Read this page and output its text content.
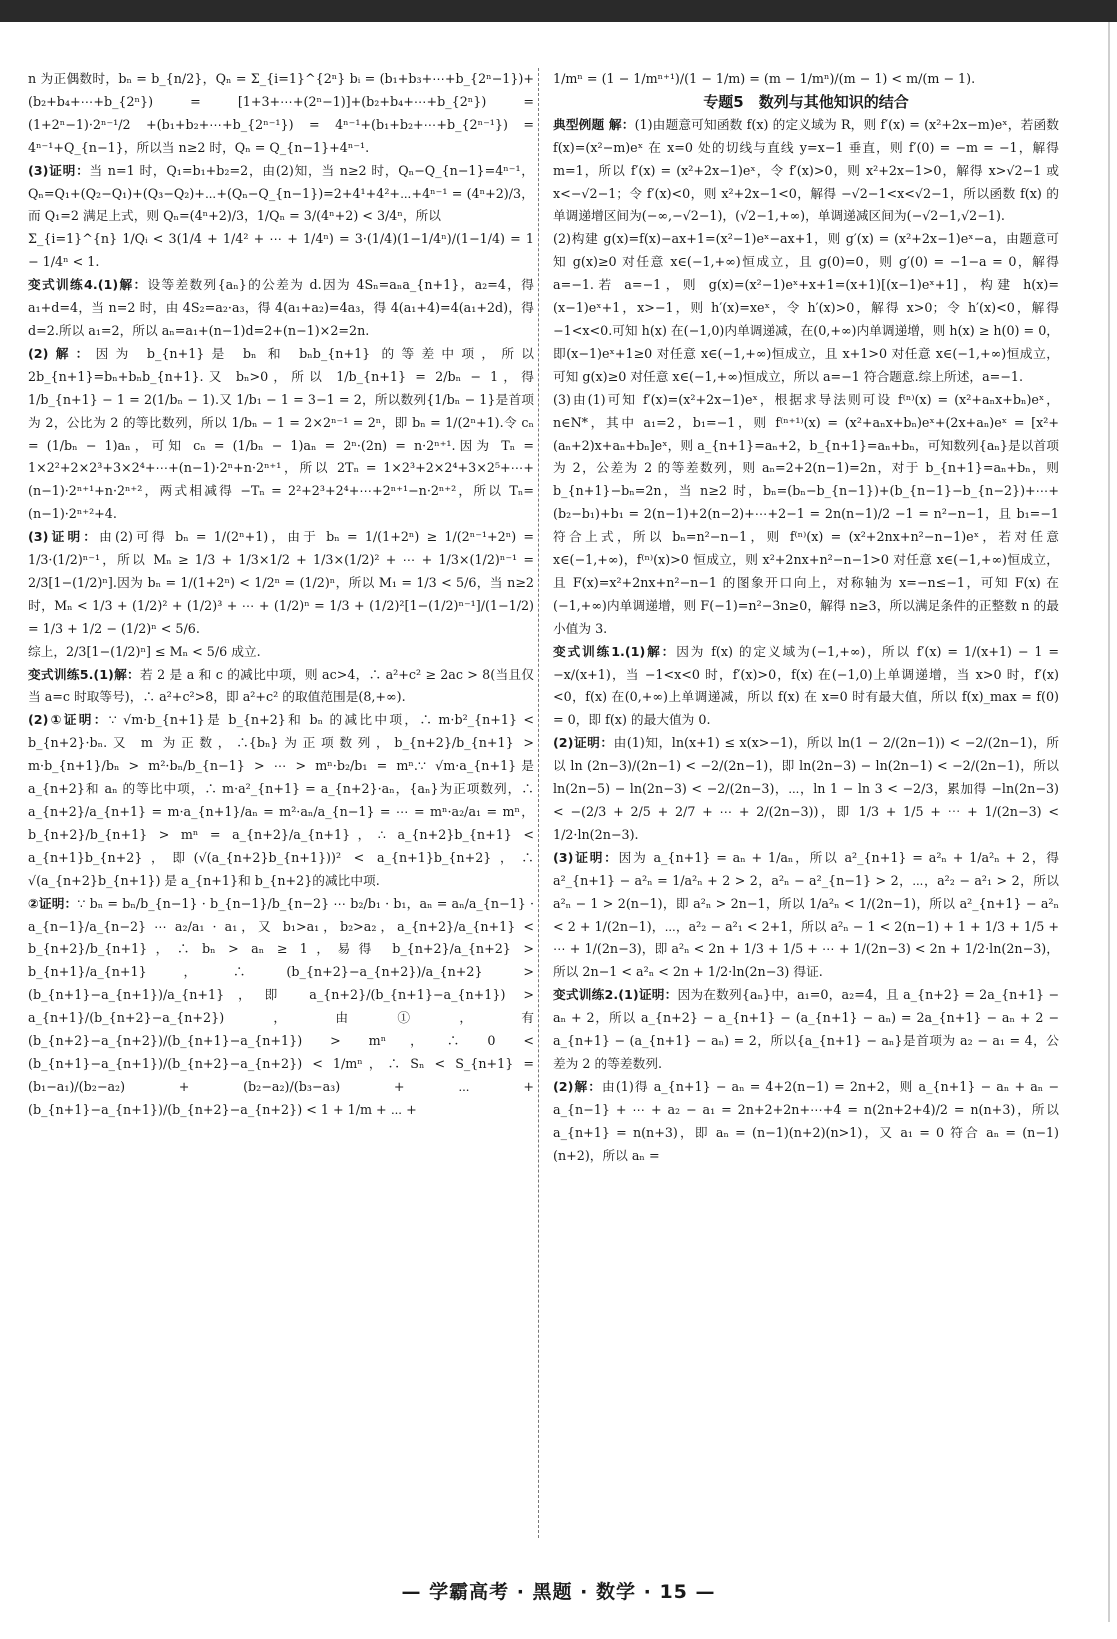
n 为正偶数时，bₙ = b_{n/2}，Qₙ = Σ_{i=1}^{2ⁿ} bᵢ = (b₁+b₃+⋯+b_{2ⁿ−1})+(b₂+b₄+⋯+b_{2ⁿ}) = [1+3+⋯+(2ⁿ−1)]+(b₂+b₄+⋯+b_{2ⁿ}) = (1+2ⁿ−1)·2ⁿ⁻¹/2 +(b₁+b₂+⋯+b_{2ⁿ⁻¹}) = 4ⁿ⁻¹+(b₁+b₂+⋯+b_{2ⁿ⁻¹}) = 4ⁿ⁻¹+Q_{n−1}，所以当 n≥2 时，Qₙ = Q_{n−1}+4ⁿ⁻¹.

(3)证明：当 n=1 时，Q₁=b₁+b₂=2，由(2)知，当 n≥2 时，Qₙ−Q_{n−1}=4ⁿ⁻¹，Qₙ=Q₁+(Q₂−Q₁)+(Q₃−Q₂)+⋯+(Qₙ−Q_{n−1})=2+4¹+4²+⋯+4ⁿ⁻¹ = (4ⁿ+2)/3，而 Q₁=2 满足上式，则 Qₙ=(4ⁿ+2)/3，1/Qₙ = 3/(4ⁿ+2) < 3/4ⁿ，所以

Σ_{i=1}^{n} 1/Qᵢ < 3(1/4 + 1/4² + ⋯ + 1/4ⁿ) = 3·(1/4)(1−1/4ⁿ)/(1−1/4) = 1 − 1/4ⁿ < 1.

变式训练4.(1)解：设等差数列{aₙ}的公差为 d.因为 4Sₙ=aₙa_{n+1}，a₂=4，得 a₁+d=4，当 n=2 时，由 4S₂=a₂·a₃，得 4(a₁+a₂)=4a₃，得 4(a₁+4)=4(a₁+2d)，得 d=2.所以 a₁=2，所以 aₙ=a₁+(n−1)d=2+(n−1)×2=2n.

(2)解：因为 b_{n+1}是 bₙ 和 bₙb_{n+1} 的等差中项，所以 2b_{n+1}=bₙ+bₙb_{n+1}.又 bₙ>0，所以 1/b_{n+1} = 2/bₙ − 1，得 1/b_{n+1} − 1 = 2(1/bₙ − 1).又 1/b₁ − 1 = 3−1 = 2，所以数列{1/bₙ − 1}是首项为 2，公比为 2 的等比数列，所以 1/bₙ − 1 = 2×2ⁿ⁻¹ = 2ⁿ，即 bₙ = 1/(2ⁿ+1).令 cₙ = (1/bₙ − 1)aₙ，可知 cₙ = (1/bₙ − 1)aₙ = 2ⁿ·(2n) = n·2ⁿ⁺¹.因为 Tₙ = 1×2²+2×2³+3×2⁴+⋯+(n−1)·2ⁿ+n·2ⁿ⁺¹，所以 2Tₙ = 1×2³+2×2⁴+3×2⁵+⋯+(n−1)·2ⁿ⁺¹+n·2ⁿ⁺²，两式相减得 −Tₙ = 2²+2³+2⁴+⋯+2ⁿ⁺¹−n·2ⁿ⁺²，所以 Tₙ=(n−1)·2ⁿ⁺²+4.

(3)证明：由(2)可得 bₙ = 1/(2ⁿ+1)，由于 bₙ = 1/(1+2ⁿ) ≥ 1/(2ⁿ⁻¹+2ⁿ) = 1/3·(1/2)ⁿ⁻¹，所以 Mₙ ≥ 1/3 + 1/3×1/2 + 1/3×(1/2)² + ⋯ + 1/3×(1/2)ⁿ⁻¹ = 2/3[1−(1/2)ⁿ].因为 bₙ = 1/(1+2ⁿ) < 1/2ⁿ = (1/2)ⁿ，所以 M₁ = 1/3 < 5/6，当 n≥2 时，Mₙ < 1/3 + (1/2)² + (1/2)³ + ⋯ + (1/2)ⁿ = 1/3 + (1/2)²[1−(1/2)ⁿ⁻¹]/(1−1/2) = 1/3 + 1/2 − (1/2)ⁿ < 5/6.

综上，2/3[1−(1/2)ⁿ] ≤ Mₙ < 5/6 成立.

变式训练5.(1)解：若 2 是 a 和 c 的减比中项，则 ac>4，∴ a²+c² ≥ 2ac > 8(当且仅当 a=c 时取等号)，∴ a²+c²>8，即 a²+c² 的取值范围是(8,+∞).

(2)①证明：∵ √m·b_{n+1}是 b_{n+2}和 bₙ 的减比中项，∴ m·b²_{n+1} < b_{n+2}·bₙ.又 m 为正数，∴{bₙ}为正项数列，b_{n+2}/b_{n+1} > m·b_{n+1}/bₙ > m²·bₙ/b_{n−1} > ⋯ > mⁿ·b₂/b₁ = mⁿ.∵ √m·a_{n+1}是 a_{n+2}和 aₙ 的等比中项，∴ m·a²_{n+1} = a_{n+2}·aₙ，{aₙ}为正项数列，∴ a_{n+2}/a_{n+1} = m·a_{n+1}/aₙ = m²·aₙ/a_{n−1} = ⋯ = mⁿ·a₂/a₁ = mⁿ，b_{n+2}/b_{n+1} > mⁿ = a_{n+2}/a_{n+1}，∴ a_{n+2}b_{n+1} < a_{n+1}b_{n+2}，即(√(a_{n+2}b_{n+1}))² < a_{n+1}b_{n+2}，∴ √(a_{n+2}b_{n+1}) 是 a_{n+1}和 b_{n+2}的减比中项.

②证明：∵ bₙ = bₙ/b_{n−1} · b_{n−1}/b_{n−2} ⋯ b₂/b₁ · b₁，aₙ = aₙ/a_{n−1} · a_{n−1}/a_{n−2} ⋯ a₂/a₁ · a₁，又 b₁>a₁，b₂>a₂，a_{n+2}/a_{n+1} < b_{n+2}/b_{n+1}，∴ bₙ > aₙ ≥ 1，易得 b_{n+2}/a_{n+2} > b_{n+1}/a_{n+1}，∴ (b_{n+2}−a_{n+2})/a_{n+2} > (b_{n+1}−a_{n+1})/a_{n+1}，即 a_{n+2}/(b_{n+1}−a_{n+1}) > a_{n+1}/(b_{n+2}−a_{n+2})，由①，有 (b_{n+2}−a_{n+2})/(b_{n+1}−a_{n+1}) > mⁿ，∴ 0 < (b_{n+1}−a_{n+1})/(b_{n+2}−a_{n+2}) < 1/mⁿ，∴ Sₙ < S_{n+1} = (b₁−a₁)/(b₂−a₂) + (b₂−a₂)/(b₃−a₃) + ⋯ + (b_{n+1}−a_{n+1})/(b_{n+2}−a_{n+2}) < 1 + 1/m + ⋯ +

1/mⁿ = (1 − 1/mⁿ⁺¹)/(1 − 1/m) = (m − 1/mⁿ)/(m − 1) < m/(m − 1).

专题5　数列与其他知识的结合

典型例题 解：(1)由题意可知函数 f(x) 的定义域为 R，则 f′(x) = (x²+2x−m)eˣ，若函数 f(x)=(x²−m)eˣ 在 x=0 处的切线与直线 y=x−1 垂直，则 f′(0) = −m = −1，解得 m=1，所以 f′(x) = (x²+2x−1)eˣ，令 f′(x)>0，则 x²+2x−1>0，解得 x>√2−1 或 x<−√2−1；令 f′(x)<0，则 x²+2x−1<0，解得 −√2−1<x<√2−1，所以函数 f(x) 的单调递增区间为(−∞,−√2−1)，(√2−1,+∞)，单调递减区间为(−√2−1,√2−1).

(2)构建 g(x)=f(x)−ax+1=(x²−1)eˣ−ax+1，则 g′(x) = (x²+2x−1)eˣ−a，由题意可知 g(x)≥0 对任意 x∈(−1,+∞)恒成立，且 g(0)=0，则 g′(0) = −1−a = 0，解得 a=−1.若 a=−1，则 g(x)=(x²−1)eˣ+x+1=(x+1)[(x−1)eˣ+1]，构建 h(x)=(x−1)eˣ+1，x>−1，则 h′(x)=xeˣ，令 h′(x)>0，解得 x>0；令 h′(x)<0，解得 −1<x<0.可知 h(x) 在(−1,0)内单调递减，在(0,+∞)内单调递增，则 h(x) ≥ h(0) = 0，即(x−1)eˣ+1≥0 对任意 x∈(−1,+∞)恒成立，且 x+1>0 对任意 x∈(−1,+∞)恒成立，可知 g(x)≥0 对任意 x∈(−1,+∞)恒成立，所以 a=−1 符合题意.综上所述，a=−1.

(3)由(1)可知 f′(x)=(x²+2x−1)eˣ，根据求导法则可设 f⁽ⁿ⁾(x) = (x²+aₙx+bₙ)eˣ，n∈N*，其中 a₁=2，b₁=−1，则 f⁽ⁿ⁺¹⁾(x) = (x²+aₙx+bₙ)eˣ+(2x+aₙ)eˣ = [x²+(aₙ+2)x+aₙ+bₙ]eˣ，则 a_{n+1}=aₙ+2，b_{n+1}=aₙ+bₙ，可知数列{aₙ}是以首项为 2，公差为 2 的等差数列，则 aₙ=2+2(n−1)=2n，对于 b_{n+1}=aₙ+bₙ，则 b_{n+1}−bₙ=2n，当 n≥2 时，bₙ=(bₙ−b_{n−1})+(b_{n−1}−b_{n−2})+⋯+(b₂−b₁)+b₁ = 2(n−1)+2(n−2)+⋯+2−1 = 2n(n−1)/2 −1 = n²−n−1，且 b₁=−1 符合上式，所以 bₙ=n²−n−1，则 f⁽ⁿ⁾(x) = (x²+2nx+n²−n−1)eˣ，若对任意 x∈(−1,+∞)，f⁽ⁿ⁾(x)>0 恒成立，则 x²+2nx+n²−n−1>0 对任意 x∈(−1,+∞)恒成立，且 F(x)=x²+2nx+n²−n−1 的图象开口向上，对称轴为 x=−n≤−1，可知 F(x) 在(−1,+∞)内单调递增，则 F(−1)=n²−3n≥0，解得 n≥3，所以满足条件的正整数 n 的最小值为 3.

变式训练1.(1)解：因为 f(x) 的定义域为(−1,+∞)，所以 f′(x) = 1/(x+1) − 1 = −x/(x+1)，当 −1<x<0 时，f′(x)>0，f(x) 在(−1,0)上单调递增，当 x>0 时，f′(x)<0，f(x) 在(0,+∞)上单调递减，所以 f(x) 在 x=0 时有最大值，所以 f(x)_max = f(0) = 0，即 f(x) 的最大值为 0.

(2)证明：由(1)知，ln(x+1) ≤ x(x>−1)，所以 ln(1 − 2/(2n−1)) < −2/(2n−1)，所以 ln (2n−3)/(2n−1) < −2/(2n−1)，即 ln(2n−3) − ln(2n−1) < −2/(2n−1)，所以 ln(2n−5) − ln(2n−3) < −2/(2n−3)，⋯，ln 1 − ln 3 < −2/3，累加得 −ln(2n−3) < −(2/3 + 2/5 + 2/7 + ⋯ + 2/(2n−3))，即 1/3 + 1/5 + ⋯ + 1/(2n−3) < 1/2·ln(2n−3).

(3)证明：因为 a_{n+1} = aₙ + 1/aₙ，所以 a²_{n+1} = a²ₙ + 1/a²ₙ + 2，得 a²_{n+1} − a²ₙ = 1/a²ₙ + 2 > 2，a²ₙ − a²_{n−1} > 2，⋯，a²₂ − a²₁ > 2，所以 a²ₙ − 1 > 2(n−1)，即 a²ₙ > 2n−1，所以 1/a²ₙ < 1/(2n−1)，所以 a²_{n+1} − a²ₙ < 2 + 1/(2n−1)，⋯，a²₂ − a²₁ < 2+1，所以 a²ₙ − 1 < 2(n−1) + 1 + 1/3 + 1/5 + ⋯ + 1/(2n−3)，即 a²ₙ < 2n + 1/3 + 1/5 + ⋯ + 1/(2n−3) < 2n + 1/2·ln(2n−3)，所以 2n−1 < a²ₙ < 2n + 1/2·ln(2n−3) 得证.

变式训练2.(1)证明：因为在数列{aₙ}中，a₁=0，a₂=4，且 a_{n+2} = 2a_{n+1} − aₙ + 2，所以 a_{n+2} − a_{n+1} − (a_{n+1} − aₙ) = 2a_{n+1} − aₙ + 2 − a_{n+1} − (a_{n+1} − aₙ) = 2，所以{a_{n+1} − aₙ}是首项为 a₂ − a₁ = 4，公差为 2 的等差数列.

(2)解：由(1)得 a_{n+1} − aₙ = 4+2(n−1) = 2n+2，则 a_{n+1} − aₙ + aₙ − a_{n−1} + ⋯ + a₂ − a₁ = 2n+2+2n+⋯+4 = n(2n+2+4)/2 = n(n+3)，所以 a_{n+1} = n(n+3)，即 aₙ = (n−1)(n+2)(n>1)，又 a₁ = 0 符合 aₙ = (n−1)(n+2)，所以 aₙ =

— 学霸高考 · 黑题 · 数学 · 15 —
